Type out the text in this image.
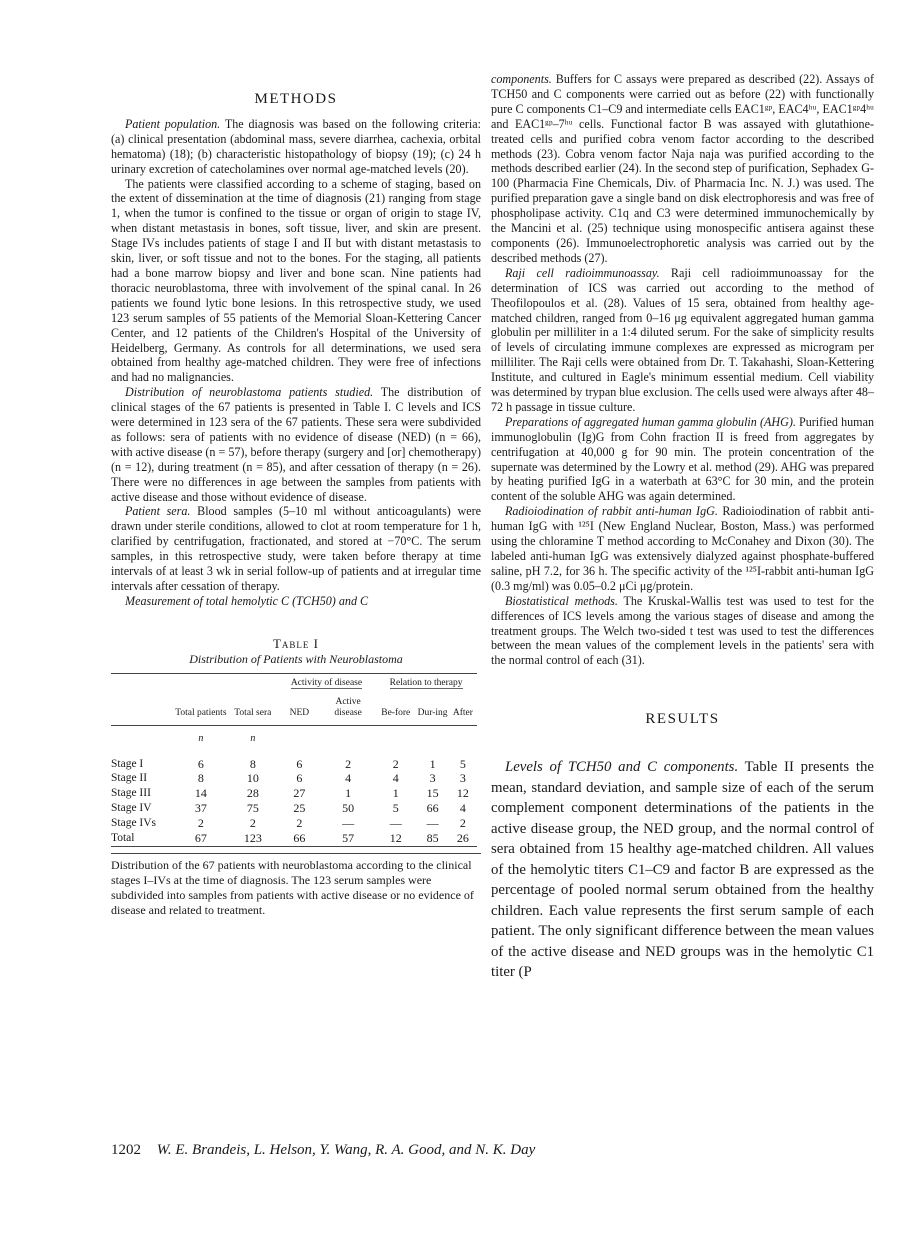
METHODS

Patient population. The diagnosis was based on the following criteria: (a) clinical presentation (abdominal mass, severe diarrhea, cachexia, orbital hematoma) (18); (b) characteristic histopathology of biopsy (19); (c) 24 h urinary excretion of catecholamines over normal age-matched levels (20).

The patients were classified according to a scheme of staging, based on the extent of dissemination at the time of diagnosis (21) ranging from stage 1, when the tumor is confined to the tissue or organ of origin to stage IV, when distant metastasis in bones, soft tissue, liver, and skin are present. Stage IVs includes patients of stage I and II but with distant metastasis to skin, liver, or soft tissue and not to the bones. For the staging, all patients had a bone marrow biopsy and liver and bone scan. Nine patients had thoracic neuroblastoma, three with involvement of the spinal canal. In 26 patients we found lytic bone lesions. In this retrospective study, we used 123 serum samples of 55 patients of the Memorial Sloan-Kettering Cancer Center, and 12 patients of the Children's Hospital of the University of Heidelberg, Germany. As controls for all determinations, we used sera obtained from healthy age-matched children. They were free of infections and had no malignancies.

Distribution of neuroblastoma patients studied. The distribution of clinical stages of the 67 patients is presented in Table I. C levels and ICS were determined in 123 sera of the 67 patients. These sera were subdivided as follows: sera of patients with no evidence of disease (NED) (n = 66), with active disease (n = 57), before therapy (surgery and [or] chemotherapy) (n = 12), during treatment (n = 85), and after cessation of therapy (n = 26). There were no differences in age between the samples from patients with active disease and those without evidence of disease.

Patient sera. Blood samples (5–10 ml without anticoagulants) were drawn under sterile conditions, allowed to clot at room temperature for 1 h, clarified by centrifugation, fractionated, and stored at −70°C. The serum samples, in this retrospective study, were taken before therapy at time intervals of at least 3 wk in serial follow-up of patients and at irregular time intervals after cessation of therapy.

Measurement of total hemolytic C (TCH50) and C

Table I
Distribution of Patients with Neuroblastoma
			Activity of disease		Relation to therapy		
	Total patients	Total sera	NED	Active disease	Be-fore	Dur-ing	After
	n	n					
Stage I	6	8	6	2	2	1	5
Stage II	8	10	6	4	4	3	3
Stage III	14	28	27	1	1	15	12
Stage IV	37	75	25	50	5	66	4
Stage IVs	2	2	2	—	—	—	2
Total	67	123	66	57	12	85	26
Distribution of the 67 patients with neuroblastoma according to the clinical stages I–IVs at the time of diagnosis. The 123 serum samples were subdivided into samples from patients with active disease or no evidence of disease and related to treatment.

components. Buffers for C assays were prepared as described (22). Assays of TCH50 and C components were carried out as before (22) with functionally pure C components C1–C9 and intermediate cells EAC1ᵍᵖ, EAC4ʰᵘ, EAC1ᵍᵖ4ʰᵘ and EAC1ᵍᵖ–7ʰᵘ cells. Functional factor B was assayed with glutathione-treated cells and purified cobra venom factor according to the described methods (23). Cobra venom factor Naja naja was purified according to the methods described earlier (24). In the second step of purification, Sephadex G-100 (Pharmacia Fine Chemicals, Div. of Pharmacia Inc. N. J.) was used. The purified preparation gave a single band on disk electrophoresis and was free of phospholipase activity. C1q and C3 were determined immunochemically by the Mancini et al. (25) technique using monospecific antisera against these components (26). Immunoelectrophoretic analysis was carried out by the described methods (27).

Raji cell radioimmunoassay. Raji cell radioimmunoassay for the determination of ICS was carried out according to the method of Theofilopoulos et al. (28). Values of 15 sera, obtained from healthy age-matched children, ranged from 0–16 μg equivalent aggregated human gamma globulin per milliliter in a 1:4 diluted serum. For the sake of simplicity results of levels of circulating immune complexes are expressed as microgram per milliliter. The Raji cells were obtained from Dr. T. Takahashi, Sloan-Kettering Institute, and cultured in Eagle's minimum essential medium. Cell viability was determined by trypan blue exclusion. The cells used were always after 48–72 h passage in tissue culture.

Preparations of aggregated human gamma globulin (AHG). Purified human immunoglobulin (Ig)G from Cohn fraction II is freed from aggregates by centrifugation at 40,000 g for 90 min. The protein concentration of the supernate was determined by the Lowry et al. method (29). AHG was prepared by heating purified IgG in a waterbath at 63°C for 30 min, and the protein content of the soluble AHG was again determined.

Radioiodination of rabbit anti-human IgG. Radioiodination of rabbit anti-human IgG with ¹²⁵I (New England Nuclear, Boston, Mass.) was performed using the chloramine T method according to McConahey and Dixon (30). The labeled anti-human IgG was extensively dialyzed against phosphate-buffered saline, pH 7.2, for 36 h. The specific activity of the ¹²⁵I-rabbit anti-human IgG (0.3 mg/ml) was 0.05–0.2 μCi μg/protein.

Biostatistical methods. The Kruskal-Wallis test was used to test for the differences of ICS levels among the various stages of disease and among the treatment groups. The Welch two-sided t test was used to test the differences between the mean values of the complement levels in the patients' sera with the normal control of each (31).

RESULTS

Levels of TCH50 and C components. Table II presents the mean, standard deviation, and sample size of each of the serum complement component determinations of the patients in the active disease group, the NED group, and the normal control of sera obtained from 15 healthy age-matched children. All values of the hemolytic titers C1–C9 and factor B are expressed as the percentage of pooled normal serum obtained from the healthy children. Each value represents the first serum sample of each patient. The only significant difference between the mean values of the active disease and NED groups was in the hemolytic C1 titer (P

1202 W. E. Brandeis, L. Helson, Y. Wang, R. A. Good, and N. K. Day
